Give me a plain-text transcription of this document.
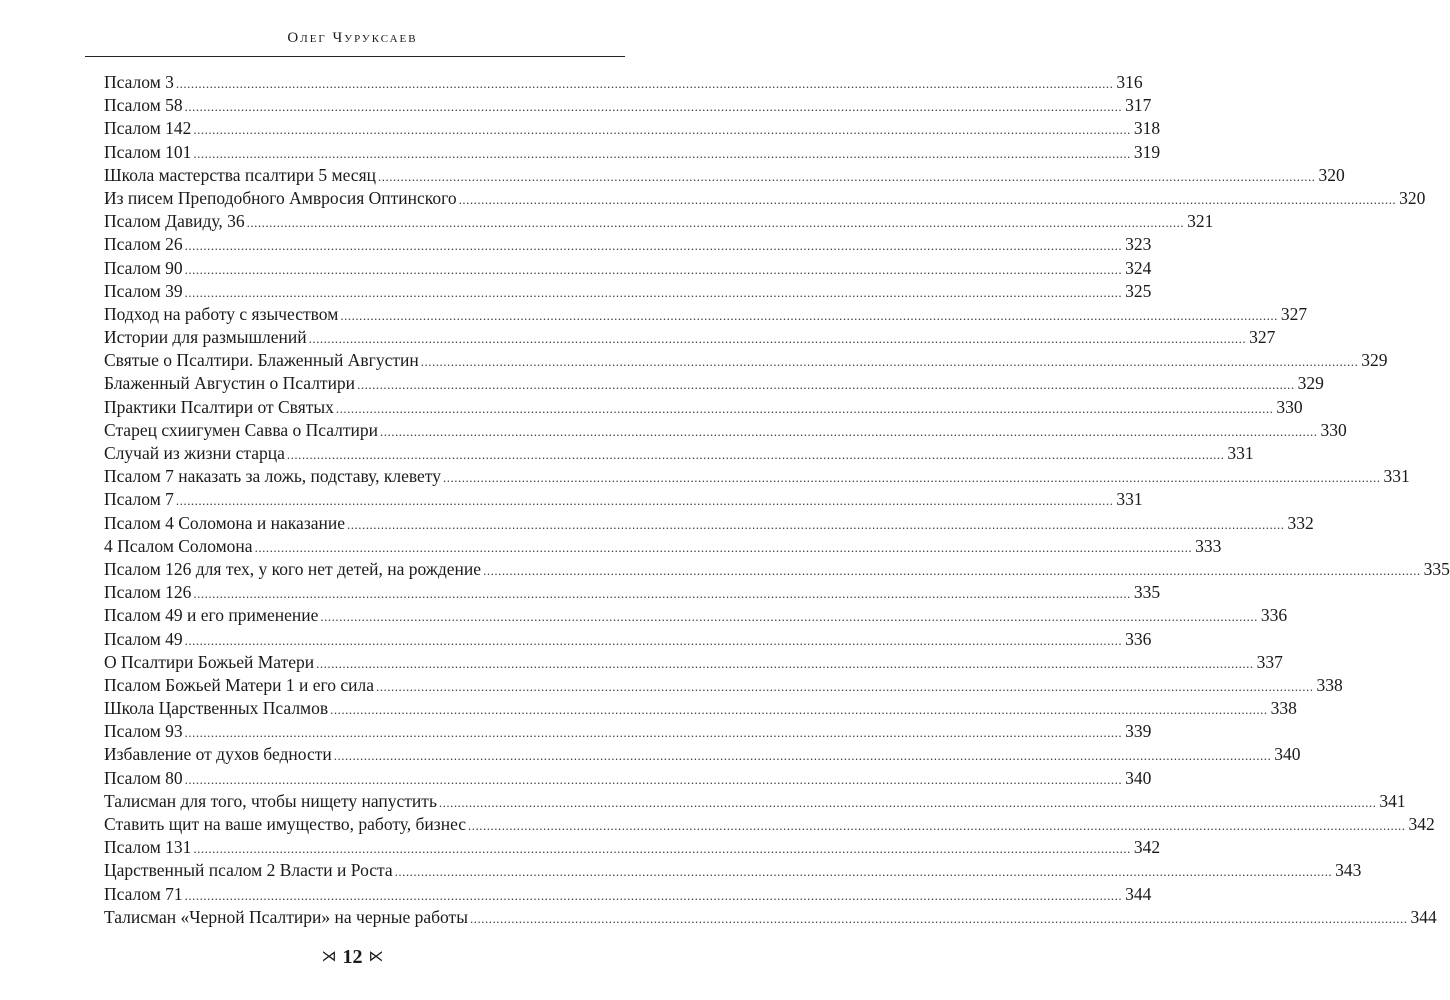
Олег Чуруксаев
Псалом 3 .....	316
Псалом 58 .....	317
Псалом 142 .....	318
Псалом 101 .....	319
Школа мастерства псалтири 5 месяц .....	320
Из писем Преподобного Амвросия Оптинского .....	320
Псалом Давиду, 36 .....	321
Псалом 26 .....	323
Псалом 90 .....	324
Псалом 39 .....	325
Подход на работу с язычеством .....	327
Истории для размышлений .....	327
Святые о Псалтири. Блаженный Августин .....	329
Блаженный Августин о Псалтири .....	329
Практики Псалтири от Святых .....	330
Старец схиигумен Савва о Псалтири .....	330
Случай из жизни старца .....	331
Псалом 7 наказать за ложь, подставу, клевету .....	331
Псалом 7 .....	331
Псалом 4 Соломона и наказание .....	332
4 Псалом Соломона .....	333
Псалом 126 для тех, у кого нет детей, на рождение .....	335
Псалом 126 .....	335
Псалом 49 и его применение .....	336
Псалом 49 .....	336
О Псалтири Божьей Матери .....	337
Псалом Божьей Матери 1 и его сила .....	338
Школа Царственных Псалмов .....	338
Псалом 93 .....	339
Избавление от духов бедности .....	340
Псалом 80 .....	340
Талисман для того, чтобы нищету напустить .....	341
Ставить щит на ваше имущество, работу, бизнес .....	342
Псалом 131 .....	342
Царственный псалом 2 Власти и Роста .....	343
Псалом 71 .....	344
Талисман «Черной Псалтири» на черные работы .....	344
⋊ 12 ⋉
